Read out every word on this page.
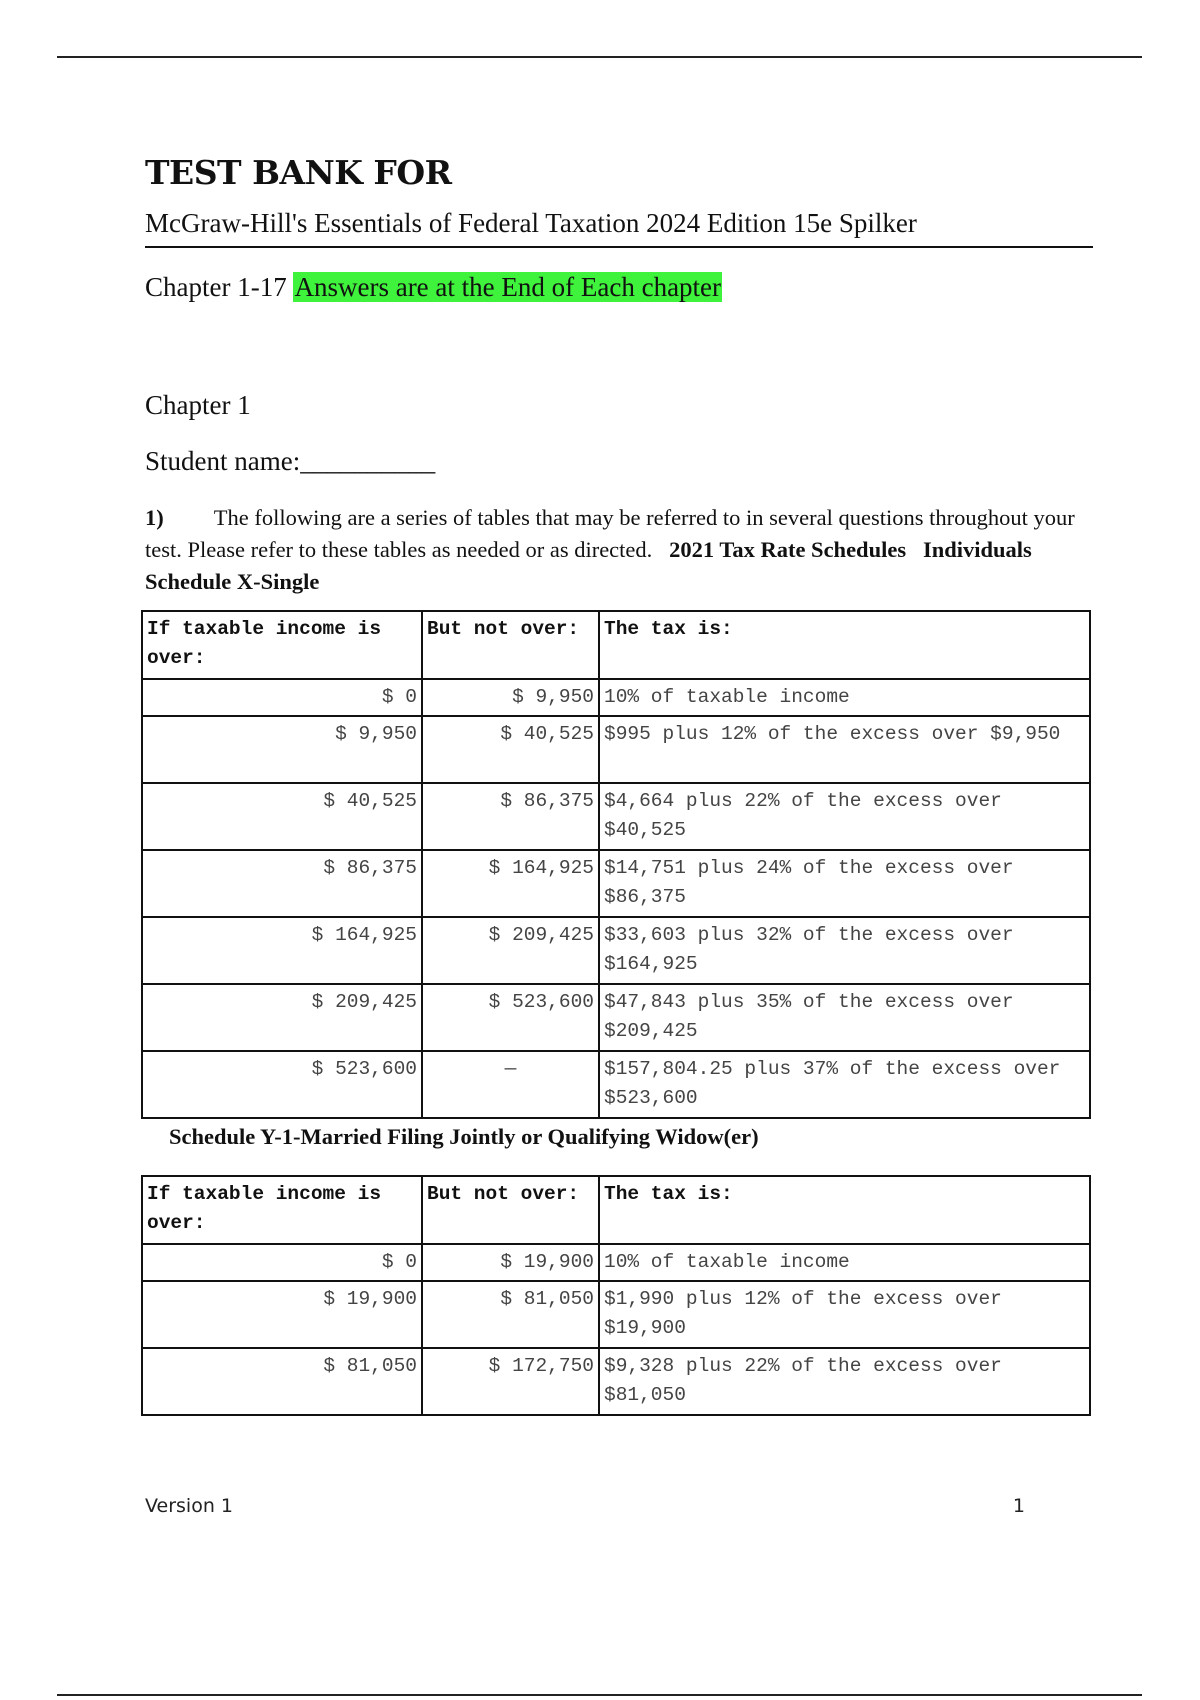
TEST BANK FOR
McGraw-Hill's Essentials of Federal Taxation 2024 Edition 15e Spilker
Chapter 1-17 Answers are at the End of Each chapter
Chapter 1
Student name:__________
1) The following are a series of tables that may be referred to in several questions throughout your test. Please refer to these tables as needed or as directed. 2021 Tax Rate Schedules Individuals       Schedule X-Single
If taxable income is over:	But not over:	The tax is:
$ 0	$ 9,950	10% of taxable income
$ 9,950	$ 40,525	$995 plus 12% of the excess over $9,950
$ 40,525	$ 86,375	$4,664 plus 22% of the excess over $40,525
$ 86,375	$ 164,925	$14,751 plus 24% of the excess over $86,375
$ 164,925	$ 209,425	$33,603 plus 32% of the excess over $164,925
$ 209,425	$ 523,600	$47,843 plus 35% of the excess over $209,425
$ 523,600	—	$157,804.25 plus 37% of the excess over $523,600
Schedule Y-1-Married Filing Jointly or Qualifying Widow(er)
If taxable income is over:	But not over:	The tax is:
$ 0	$ 19,900	10% of taxable income
$ 19,900	$ 81,050	$1,990 plus 12% of the excess over $19,900
$ 81,050	$ 172,750	$9,328 plus 22% of the excess over $81,050
Version 1	1
